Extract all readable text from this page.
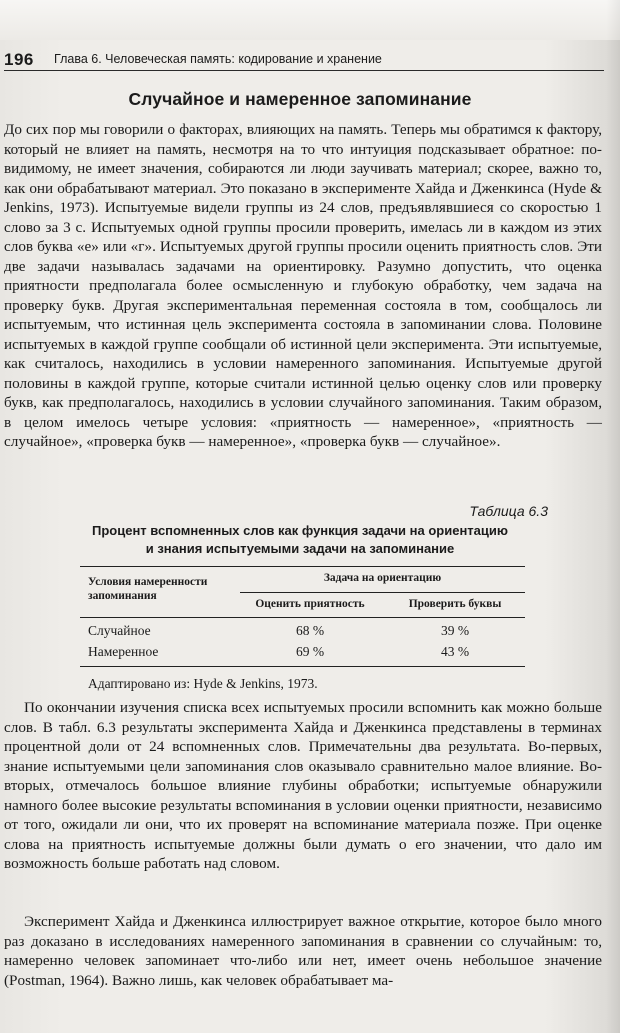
196 Глава 6. Человеческая память: кодирование и хранение
Случайное и намеренное запоминание

До сих пор мы говорили о факторах, влияющих на память. Теперь мы обратимся к фактору, который не влияет на память, несмотря на то что интуиция подсказывает обратное: по-видимому, не имеет значения, собираются ли люди заучивать материал; скорее, важно то, как они обрабатывают материал. Это показано в эксперименте Хайда и Дженкинса (Hyde & Jenkins, 1973). Испытуемые видели группы из 24 слов, предъявлявшиеся со скоростью 1 слово за 3 с. Испытуемых одной группы просили проверить, имелась ли в каждом из этих слов буква «е» или «г». Испытуемых другой группы просили оценить приятность слов. Эти две задачи называлась задачами на ориентировку. Разумно допустить, что оценка приятности предполагала более осмысленную и глубокую обработку, чем задача на проверку букв. Другая экспериментальная переменная состояла в том, сообщалось ли испытуемым, что истинная цель эксперимента состояла в запоминании слова. Половине испытуемых в каждой группе сообщали об истинной цели эксперимента. Эти испытуемые, как считалось, находились в условии намеренного запоминания. Испытуемые другой половины в каждой группе, которые считали истинной целью оценку слов или проверку букв, как предполагалось, находились в условии случайного запоминания. Таким образом, в целом имелось четыре условия: «приятность — намеренное», «приятность — случайное», «проверка букв — намеренное», «проверка букв — случайное».

Таблица 6.3
Процент вспомненных слов как функция задачи на ориентацию
и знания испытуемыми задачи на запоминание
Условия намеренности запоминания
Задача на ориентацию
Оценить приятность	Проверить буквы
Случайное	68 %	39 %
Намеренное	69 %	43 %
Адаптировано из: Hyde & Jenkins, 1973.

По окончании изучения списка всех испытуемых просили вспомнить как можно больше слов. В табл. 6.3 результаты эксперимента Хайда и Дженкинса представлены в терминах процентной доли от 24 вспомненных слов. Примечательны два результата. Во-первых, знание испытуемыми цели запоминания слов оказывало сравнительно малое влияние. Во-вторых, отмечалось большое влияние глубины обработки; испытуемые обнаружили намного более высокие результаты вспоминания в условии оценки приятности, независимо от того, ожидали ли они, что их проверят на вспоминание материала позже. При оценке слова на приятность испытуемые должны были думать о его значении, что дало им возможность больше работать над словом.

Эксперимент Хайда и Дженкинса иллюстрирует важное открытие, которое было много раз доказано в исследованиях намеренного запоминания в сравнении со случайным: то, намеренно человек запоминает что-либо или нет, имеет очень небольшое значение (Postman, 1964). Важно лишь, как человек обрабатывает ма-
